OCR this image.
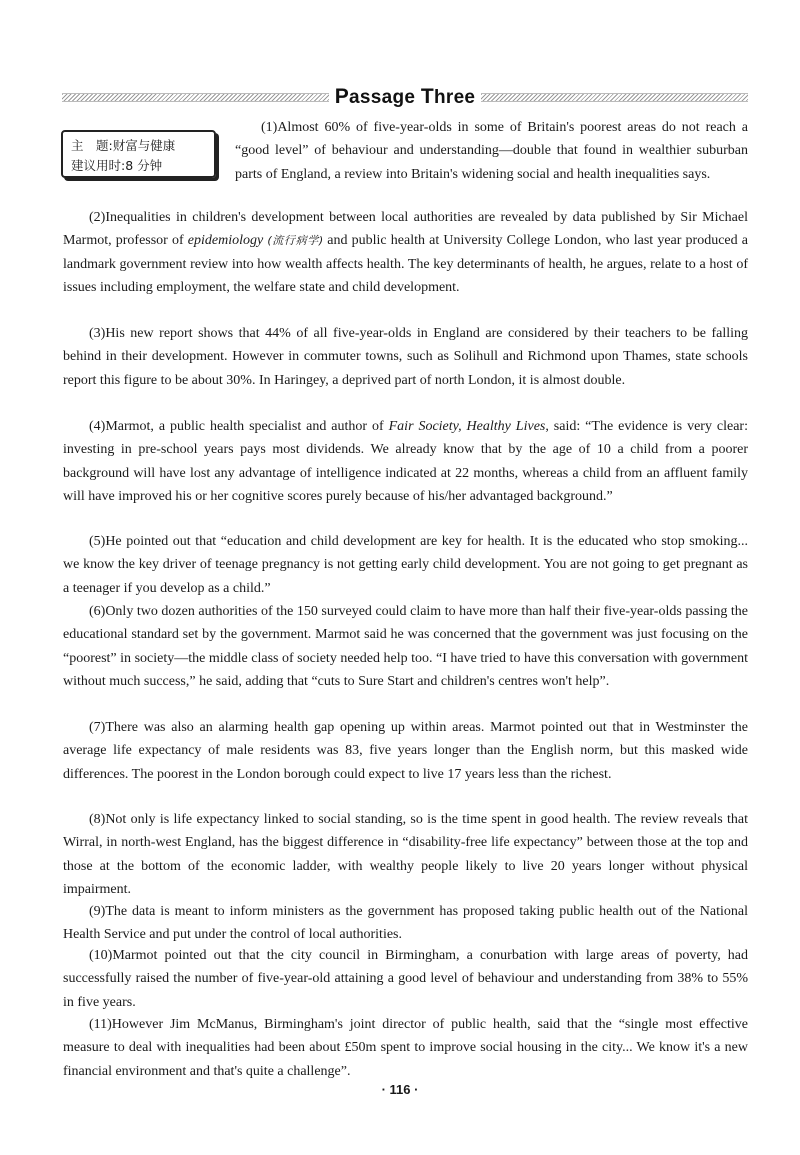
Passage Three
主　题:财富与健康
建议用时:8 分钟

(1)Almost 60% of five-year-olds in some of Britain's poorest areas do not reach a “good level” of behaviour and understanding—double that found in wealthier suburban parts of England, a review into Britain's widening social and health inequalities says.

(2)Inequalities in children's development between local authorities are revealed by data published by Sir Michael Marmot, professor of epidemiology (流行病学) and public health at University College London, who last year produced a landmark government review into how wealth affects health. The key determinants of health, he argues, relate to a host of issues including employment, the welfare state and child development.

(3)His new report shows that 44% of all five-year-olds in England are considered by their teachers to be falling behind in their development. However in commuter towns, such as Solihull and Richmond upon Thames, state schools report this figure to be about 30%. In Haringey, a deprived part of north London, it is almost double.

(4)Marmot, a public health specialist and author of Fair Society, Healthy Lives, said: “The evidence is very clear: investing in pre-school years pays most dividends. We already know that by the age of 10 a child from a poorer background will have lost any advantage of intelligence indicated at 22 months, whereas a child from an affluent family will have improved his or her cognitive scores purely because of his/her advantaged background.”

(5)He pointed out that “education and child development are key for health. It is the educated who stop smoking... we know the key driver of teenage pregnancy is not getting early child development. You are not going to get pregnant as a teenager if you develop as a child.”

(6)Only two dozen authorities of the 150 surveyed could claim to have more than half their five-year-olds passing the educational standard set by the government. Marmot said he was concerned that the government was just focusing on the “poorest” in society—the middle class of society needed help too. “I have tried to have this conversation with government without much success,” he said, adding that “cuts to Sure Start and children's centres won't help”.

(7)There was also an alarming health gap opening up within areas. Marmot pointed out that in Westminster the average life expectancy of male residents was 83, five years longer than the English norm, but this masked wide differences. The poorest in the London borough could expect to live 17 years less than the richest.

(8)Not only is life expectancy linked to social standing, so is the time spent in good health. The review reveals that Wirral, in north-west England, has the biggest difference in “disability-free life expectancy” between those at the top and those at the bottom of the economic ladder, with wealthy people likely to live 20 years longer without physical impairment.

(9)The data is meant to inform ministers as the government has proposed taking public health out of the National Health Service and put under the control of local authorities.

(10)Marmot pointed out that the city council in Birmingham, a conurbation with large areas of poverty, had successfully raised the number of five-year-old attaining a good level of behaviour and understanding from 38% to 55% in five years.

(11)However Jim McManus, Birmingham's joint director of public health, said that the “single most effective measure to deal with inequalities had been about £50m spent to improve social housing in the city... We know it's a new financial environment and that's quite a challenge”.

· 116 ·
